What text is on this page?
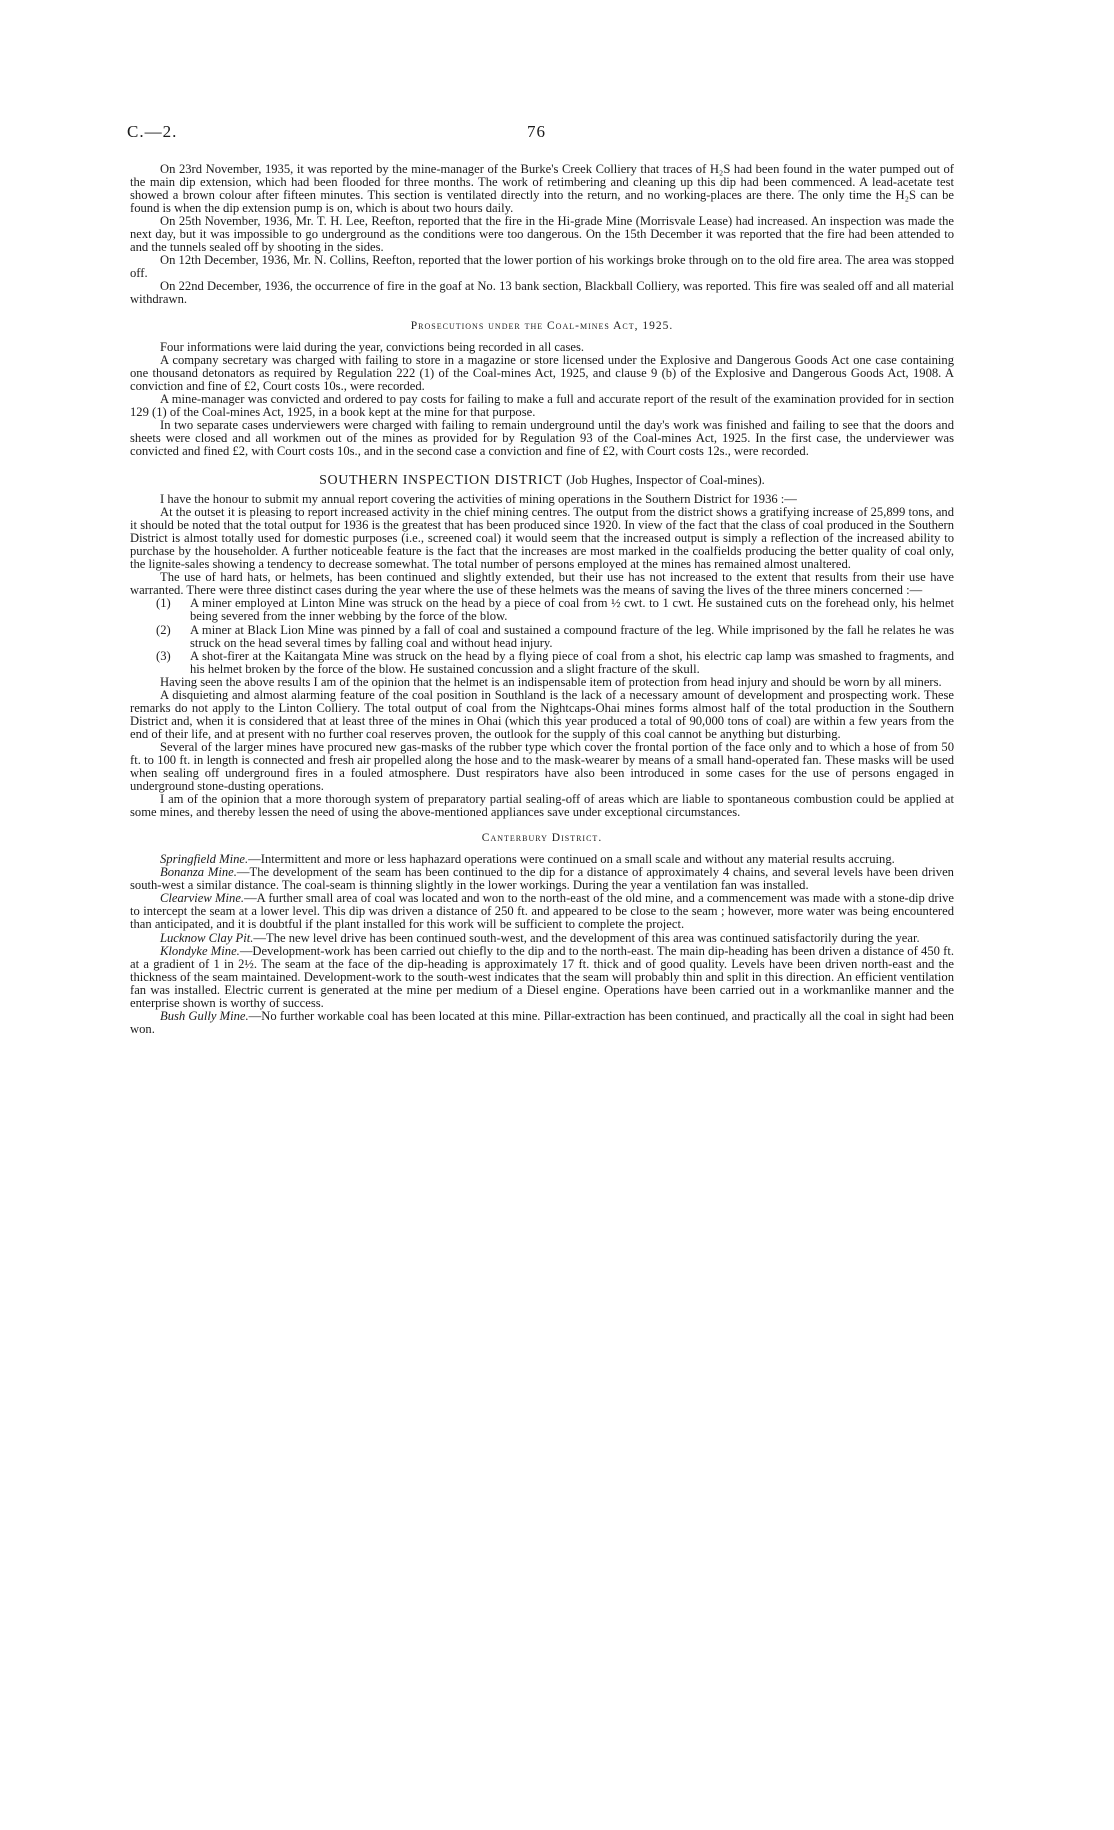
C.—2.	76

On 23rd November, 1935, it was reported by the mine-manager of the Burke's Creek Colliery that traces of H₂S had been found in the water pumped out of the main dip extension, which had been flooded for three months. The work of retimbering and cleaning up this dip had been commenced. A lead-acetate test showed a brown colour after fifteen minutes. This section is ventilated directly into the return, and no working-places are there. The only time the H₂S can be found is when the dip extension pump is on, which is about two hours daily.

On 25th November, 1936, Mr. T. H. Lee, Reefton, reported that the fire in the Hi-grade Mine (Morrisvale Lease) had increased. An inspection was made the next day, but it was impossible to go underground as the conditions were too dangerous. On the 15th December it was reported that the fire had been attended to and the tunnels sealed off by shooting in the sides.

On 12th December, 1936, Mr. N. Collins, Reefton, reported that the lower portion of his workings broke through on to the old fire area. The area was stopped off.

On 22nd December, 1936, the occurrence of fire in the goaf at No. 13 bank section, Blackball Colliery, was reported. This fire was sealed off and all material withdrawn.

Prosecutions under the Coal-mines Act, 1925.

Four informations were laid during the year, convictions being recorded in all cases.

A company secretary was charged with failing to store in a magazine or store licensed under the Explosive and Dangerous Goods Act one case containing one thousand detonators as required by Regulation 222 (1) of the Coal-mines Act, 1925, and clause 9 (b) of the Explosive and Dangerous Goods Act, 1908. A conviction and fine of £2, Court costs 10s., were recorded.

A mine-manager was convicted and ordered to pay costs for failing to make a full and accurate report of the result of the examination provided for in section 129 (1) of the Coal-mines Act, 1925, in a book kept at the mine for that purpose.

In two separate cases underviewers were charged with failing to remain underground until the day's work was finished and failing to see that the doors and sheets were closed and all workmen out of the mines as provided for by Regulation 93 of the Coal-mines Act, 1925. In the first case, the underviewer was convicted and fined £2, with Court costs 10s., and in the second case a conviction and fine of £2, with Court costs 12s., were recorded.

SOUTHERN INSPECTION DISTRICT (Job Hughes, Inspector of Coal-mines).

I have the honour to submit my annual report covering the activities of mining operations in the Southern District for 1936 :—

At the outset it is pleasing to report increased activity in the chief mining centres. The output from the district shows a gratifying increase of 25,899 tons, and it should be noted that the total output for 1936 is the greatest that has been produced since 1920. In view of the fact that the class of coal produced in the Southern District is almost totally used for domestic purposes (i.e., screened coal) it would seem that the increased output is simply a reflection of the increased ability to purchase by the householder. A further noticeable feature is the fact that the increases are most marked in the coalfields producing the better quality of coal only, the lignite-sales showing a tendency to decrease somewhat. The total number of persons employed at the mines has remained almost unaltered.

The use of hard hats, or helmets, has been continued and slightly extended, but their use has not increased to the extent that results from their use have warranted. There were three distinct cases during the year where the use of these helmets was the means of saving the lives of the three miners concerned :—

(1) A miner employed at Linton Mine was struck on the head by a piece of coal from ½ cwt. to 1 cwt. He sustained cuts on the forehead only, his helmet being severed from the inner webbing by the force of the blow.

(2) A miner at Black Lion Mine was pinned by a fall of coal and sustained a compound fracture of the leg. While imprisoned by the fall he relates he was struck on the head several times by falling coal and without head injury.

(3) A shot-firer at the Kaitangata Mine was struck on the head by a flying piece of coal from a shot, his electric cap lamp was smashed to fragments, and his helmet broken by the force of the blow. He sustained concussion and a slight fracture of the skull.

Having seen the above results I am of the opinion that the helmet is an indispensable item of protection from head injury and should be worn by all miners.

A disquieting and almost alarming feature of the coal position in Southland is the lack of a necessary amount of development and prospecting work. These remarks do not apply to the Linton Colliery. The total output of coal from the Nightcaps-Ohai mines forms almost half of the total production in the Southern District and, when it is considered that at least three of the mines in Ohai (which this year produced a total of 90,000 tons of coal) are within a few years from the end of their life, and at present with no further coal reserves proven, the outlook for the supply of this coal cannot be anything but disturbing.

Several of the larger mines have procured new gas-masks of the rubber type which cover the frontal portion of the face only and to which a hose of from 50 ft. to 100 ft. in length is connected and fresh air propelled along the hose and to the mask-wearer by means of a small hand-operated fan. These masks will be used when sealing off underground fires in a fouled atmosphere. Dust respirators have also been introduced in some cases for the use of persons engaged in underground stone-dusting operations.

I am of the opinion that a more thorough system of preparatory partial sealing-off of areas which are liable to spontaneous combustion could be applied at some mines, and thereby lessen the need of using the above-mentioned appliances save under exceptional circumstances.

Canterbury District.

Springfield Mine.—Intermittent and more or less haphazard operations were continued on a small scale and without any material results accruing.

Bonanza Mine.—The development of the seam has been continued to the dip for a distance of approximately 4 chains, and several levels have been driven south-west a similar distance. The coal-seam is thinning slightly in the lower workings. During the year a ventilation fan was installed.

Clearview Mine.—A further small area of coal was located and won to the north-east of the old mine, and a commencement was made with a stone-dip drive to intercept the seam at a lower level. This dip was driven a distance of 250 ft. and appeared to be close to the seam ; however, more water was being encountered than anticipated, and it is doubtful if the plant installed for this work will be sufficient to complete the project.

Lucknow Clay Pit.—The new level drive has been continued south-west, and the development of this area was continued satisfactorily during the year.

Klondyke Mine.—Development-work has been carried out chiefly to the dip and to the north-east. The main dip-heading has been driven a distance of 450 ft. at a gradient of 1 in 2½. The seam at the face of the dip-heading is approximately 17 ft. thick and of good quality. Levels have been driven north-east and the thickness of the seam maintained. Development-work to the south-west indicates that the seam will probably thin and split in this direction. An efficient ventilation fan was installed. Electric current is generated at the mine per medium of a Diesel engine. Operations have been carried out in a workmanlike manner and the enterprise shown is worthy of success.

Bush Gully Mine.—No further workable coal has been located at this mine. Pillar-extraction has been continued, and practically all the coal in sight had been won.
